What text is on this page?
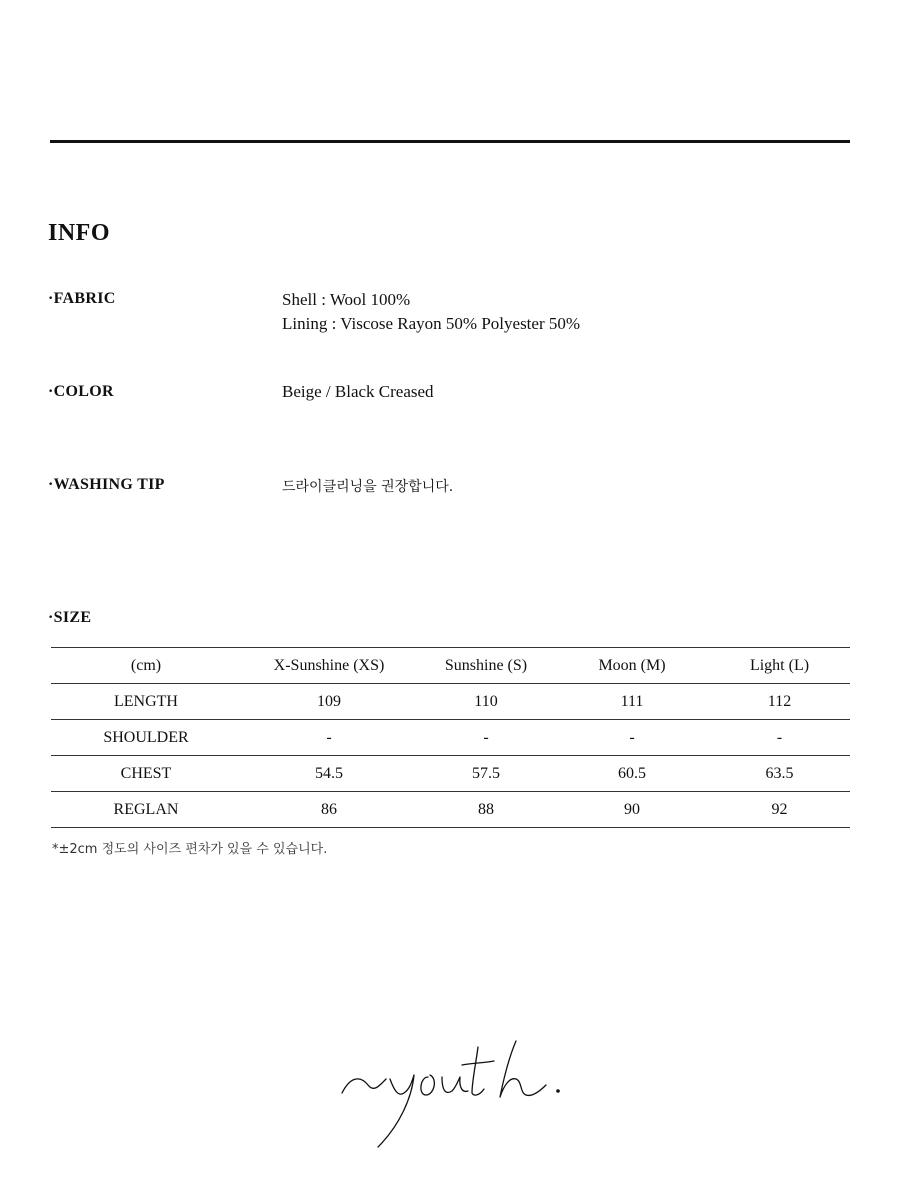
INFO
·FABRIC	Shell : Wool 100%
Lining : Viscose Rayon 50% Polyester 50%
·COLOR	Beige / Black Creased
·WASHING TIP	드라이클리닝을 권장합니다.
·SIZE
(cm)	X-Sunshine (XS)	Sunshine (S)	Moon (M)	Light (L)
LENGTH	109	110	111	112
SHOULDER	-	-	-	-
CHEST	54.5	57.5	60.5	63.5
REGLAN	86	88	90	92
*±2cm 정도의 사이즈 편차가 있을 수 있습니다.
